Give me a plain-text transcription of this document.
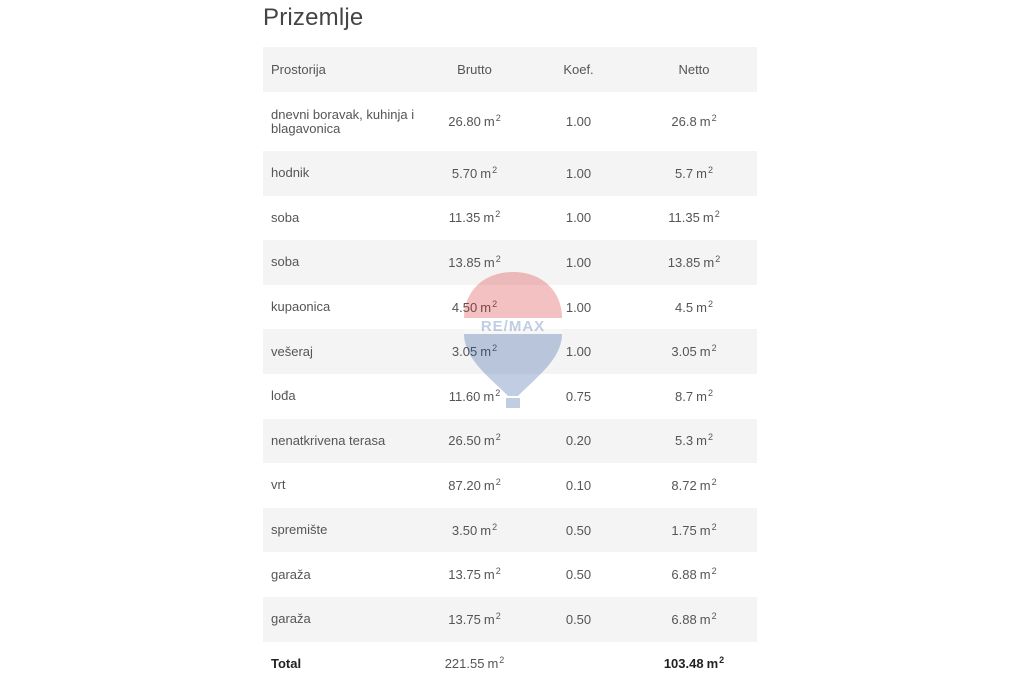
Prizemlje
Prostorija	Brutto	Koef.	Netto
dnevni boravak, kuhinja i blagavonica	26.80 $m^2$	1.00	26.8 $m^2$
hodnik	5.70 $m^2$	1.00	5.7 $m^2$
soba	11.35 $m^2$	1.00	11.35 $m^2$
soba	13.85 $m^2$	1.00	13.85 $m^2$
kupaonica	4.50 $m^2$	1.00	4.5 $m^2$
vešeraj	3.05 $m^2$	1.00	3.05 $m^2$
lođa	11.60 $m^2$	0.75	8.7 $m^2$
nenatkrivena terasa	26.50 $m^2$	0.20	5.3 $m^2$
vrt	87.20 $m^2$	0.10	8.72 $m^2$
spremište	3.50 $m^2$	0.50	1.75 $m^2$
garaža	13.75 $m^2$	0.50	6.88 $m^2$
garaža	13.75 $m^2$	0.50	6.88 $m^2$
Total	221.55 $m^2$		103.48 $m^2$
RE/MAX
